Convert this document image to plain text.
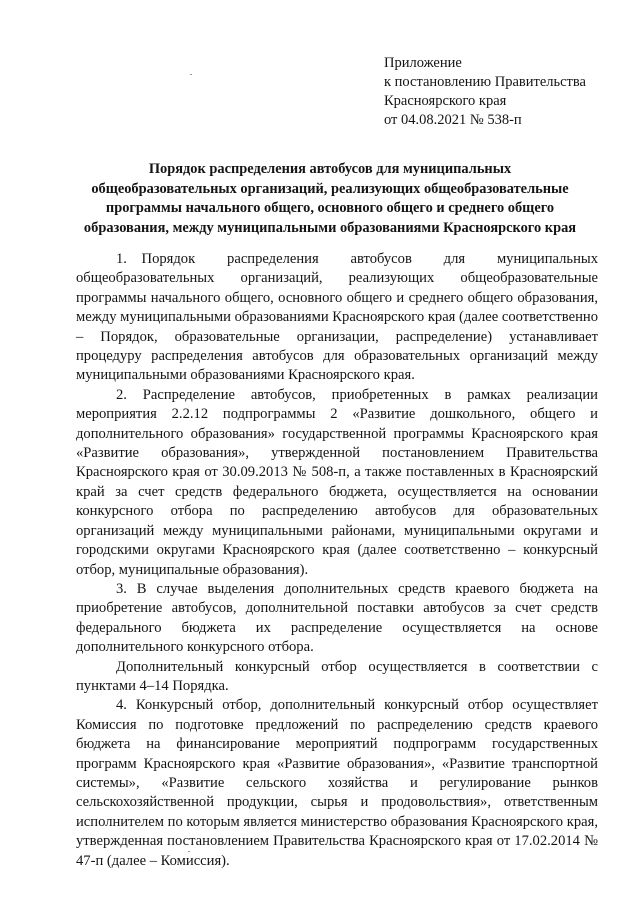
Приложение
к постановлению Правительства
Красноярского края
от 04.08.2021 № 538-п
Порядок распределения автобусов для муниципальных
общеобразовательных организаций, реализующих общеобразовательные
программы начального общего, основного общего и среднего общего
образования, между муниципальными образованиями Красноярского края

1. Порядок распределения автобусов для муниципальных общеобразовательных организаций, реализующих общеобразовательные программы начального общего, основного общего и среднего общего образования, между муниципальными образованиями Красноярского края (далее соответственно – Порядок, образовательные организации, распределение) устанавливает процедуру распределения автобусов для образовательных организаций между муниципальными образованиями Красноярского края.

2. Распределение автобусов, приобретенных в рамках реализации мероприятия 2.2.12 подпрограммы 2 «Развитие дошкольного, общего и дополнительного образования» государственной программы Красноярского края «Развитие образования», утвержденной постановлением Правительства Красноярского края от 30.09.2013 № 508-п, а также поставленных в Красноярский край за счет средств федерального бюджета, осуществляется на основании конкурсного отбора по распределению автобусов для образовательных организаций между муниципальными районами, муниципальными округами и городскими округами Красноярского края (далее соответственно – конкурсный отбор, муниципальные образования).

3. В случае выделения дополнительных средств краевого бюджета на приобретение автобусов, дополнительной поставки автобусов за счет средств федерального бюджета их распределение осуществляется на основе дополнительного конкурсного отбора.

Дополнительный конкурсный отбор осуществляется в соответствии с пунктами 4–14 Порядка.

4. Конкурсный отбор, дополнительный конкурсный отбор осуществляет Комиссия по подготовке предложений по распределению средств краевого бюджета на финансирование мероприятий подпрограмм государственных программ Красноярского края «Развитие образования», «Развитие транспортной системы», «Развитие сельского хозяйства и регулирование рынков сельскохозяйственной продукции, сырья и продовольствия», ответственным исполнителем по которым является министерство образования Красноярского края, утвержденная постановлением Правительства Красноярского края от 17.02.2014 № 47-п (далее – Комиссия).
